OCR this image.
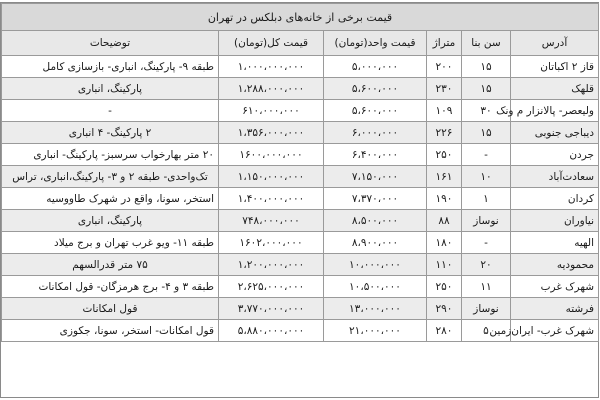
قیمت برخی از خانه‌های دبلکس در تهران					
آدرس	سن بنا	متراژ	قیمت واحد(تومان)	قیمت کل(تومان)	توضیحات
قاز ۲ اکباتان	۱۵	۲۰۰	۵،۰۰۰،۰۰۰	۱،۰۰۰،۰۰۰،۰۰۰	طبقه ۹- پارکینگ، انباری- بازسازی کامل
قلهک	۱۵	۲۳۰	۵،۶۰۰،۰۰۰	۱،۲۸۸،۰۰۰،۰۰۰	پارکینگ، انباری
ولیعصر- پالانزار م ونک	۳۰	۱۰۹	۵،۶۰۰،۰۰۰	۶۱۰،۰۰۰،۰۰۰	-
دیباجی جنوبی	۱۵	۲۲۶	۶،۰۰۰،۰۰۰	۱،۳۵۶،۰۰۰،۰۰۰	۲ پارکینگ- ۴ انباری
جردن	-	۲۵۰	۶،۴۰۰،۰۰۰	۱۶۰۰،۰۰۰،۰۰۰	۲۰ متر بهارخواب سرسبز- پارکینگ- انباری
سعادت‌آباد	۱۰	۱۶۱	۷،۱۵۰،۰۰۰	۱،۱۵۰،۰۰۰،۰۰۰	تک‌واحدی- طبقه ۲ و ۳- پارکینگ،انباری، تراس
کردان	۱	۱۹۰	۷،۳۷۰،۰۰۰	۱،۴۰۰،۰۰۰،۰۰۰	استخر، سونا، واقع در شهرک طاووسیه
نیاوران	نوساز	۸۸	۸،۵۰۰،۰۰۰	۷۴۸،۰۰۰،۰۰۰	پارکینگ، انباری
الهیه	-	۱۸۰	۸،۹۰۰،۰۰۰	۱۶۰۲،۰۰۰،۰۰۰	طبقه ۱۱- ویو غرب تهران و برج میلاد
محمودیه	۲۰	۱۱۰	۱۰،۰۰۰،۰۰۰	۱،۲۰۰،۰۰۰،۰۰۰	۷۵ متر قدرالسهم
شهرک غرب	۱۱	۲۵۰	۱۰،۵۰۰،۰۰۰	۲،۶۲۵،۰۰۰،۰۰۰	طبقه ۳ و ۴- برج هرمزگان- قول امکانات
فرشته	نوساز	۲۹۰	۱۳،۰۰۰،۰۰۰	۳،۷۷۰،۰۰۰،۰۰۰	قول امکانات
شهرک غرب- ایران‌زمین	۵	۲۸۰	۲۱،۰۰۰،۰۰۰	۵،۸۸۰،۰۰۰،۰۰۰	قول امکانات- استخر، سونا، جکوزی
